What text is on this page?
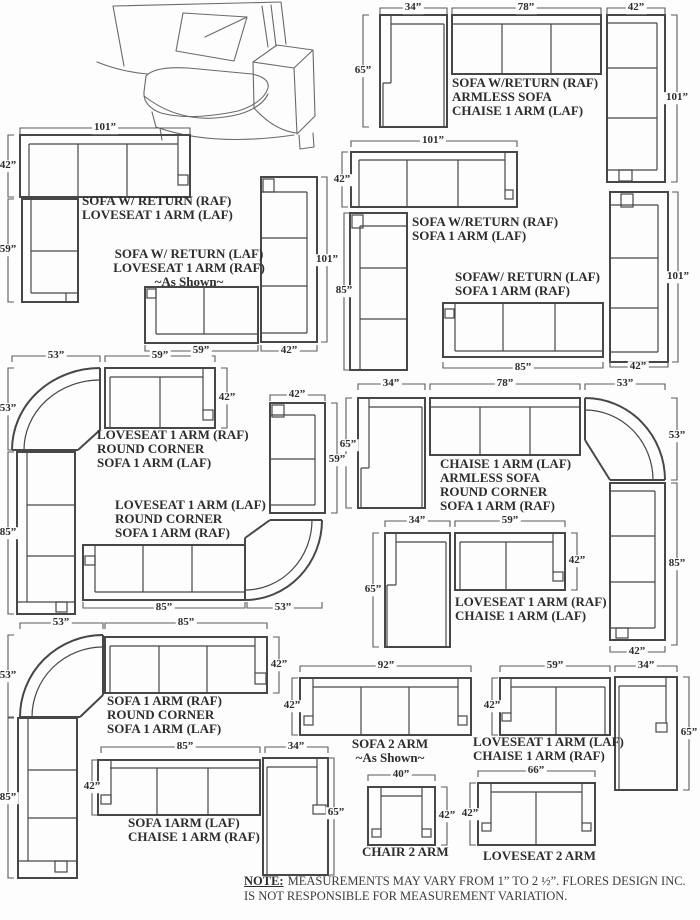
SOFA W/RETURN (RAF)
ARMLESS SOFA
CHAISE 1 ARM (LAF)
34”
65”
78”	42”
101”
SOFA W/ RETURN (RAF)
LOVESEAT 1 ARM (LAF)
101”
42”
59”	SOFA W/ RETURN (LAF)
LOVESEAT 1 ARM (RAF)
~As Shown~
59”	42”
101”
SOFA W/RETURN (RAF)
SOFA 1 ARM (LAF)
101”
42”
85”
SOFAW/ RETURN (LAF)
SOFA 1 ARM (RAF)
85”	42”
101”
LOVESEAT 1 ARM (RAF)
ROUND CORNER
SOFA 1 ARM (LAF)
53”
53”
59”
42”
LOVESEAT 1 ARM (LAF)
ROUND CORNER
SOFA 1 ARM (RAF)
42”
59”
85”
85”	53”
CHAISE 1 ARM (LAF)
ARMLESS SOFA
ROUND CORNER
SOFA 1 ARM (RAF)
34”
65”
78”	53”
53”
85”
42”
LOVESEAT 1 ARM (RAF)
CHAISE 1 ARM (LAF)
34”
65”
59”
42”
SOFA 1 ARM (RAF)
ROUND CORNER
SOFA 1 ARM (LAF)
53”
53”
85”
42”
SOFA 1ARM (LAF)
CHAISE 1 ARM (RAF)
85”
42”
85”	34”
65”
SOFA 2 ARM
~As Shown~
92”
42”
CHAIR 2 ARM
40”
42”
LOVESEAT 2 ARM
66”
42”
LOVESEAT 1 ARM (LAF)
CHAISE 1 ARM (RAF)
59”
42”
34”
65”
NOTE: MEASUREMENTS MAY VARY FROM 1” TO 2 ½”. FLORES DESIGN INC.
IS NOT RESPONSIBLE FOR MEASUREMENT VARIATION.
